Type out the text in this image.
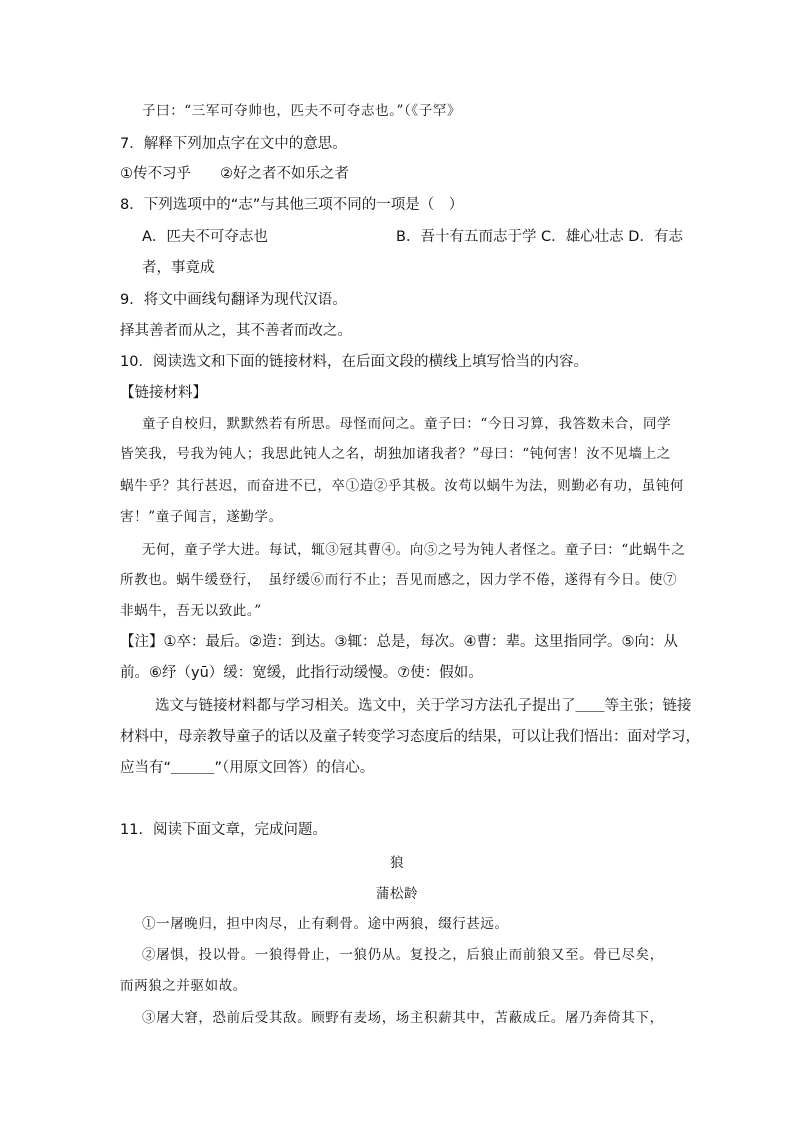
子曰：“三军可夺帅也，匹夫不可夺志也。”（《子罕》
7．解释下列加点字在文中的意思。
①传不习乎　　②好之者不如乐之者
8．下列选项中的“志”与其他三项不同的一项是（　）
A．匹夫不可夺志也	B．吾十有五而志于学 C．雄心壮志 D．有志
者，事竟成
9．将文中画线句翻译为现代汉语。
择其善者而从之，其不善者而改之。
10．阅读选文和下面的链接材料，在后面文段的横线上填写恰当的内容。
【链接材料】
童子自校归，默默然若有所思。母怪而问之。童子曰：“今日习算，我答数未合，同学
皆笑我，号我为钝人；我思此钝人之名，胡独加诸我者？”母曰：“钝何害！汝不见墙上之
蜗牛乎？其行甚迟，而奋进不已，卒①造②乎其极。汝苟以蜗牛为法，则勤必有功，虽钝何
害！”童子闻言，遂勤学。
无何，童子学大进。每试，辄③冠其曹④。向⑤之号为钝人者怪之。童子曰：“此蜗牛之
所教也。蜗牛缓登行，　虽纾缓⑥而行不止；吾见而感之，因力学不倦，遂得有今日。使⑦
非蜗牛，吾无以致此。”
【注】①卒：最后。②造：到达。③辄：总是，每次。④曹：辈。这里指同学。⑤向：从
前。⑥纾（yū）缓：宽缓，此指行动缓慢。⑦使：假如。
选文与链接材料都与学习相关。选文中，关于学习方法孔子提出了＿＿等主张；链接
材料中，母亲教导童子的话以及童子转变学习态度后的结果，可以让我们悟出：面对学习，
应当有“＿＿＿”（用原文回答）的信心。
11．阅读下面文章，完成问题。
狼
蒲松龄
①一屠晚归，担中肉尽，止有剩骨。途中两狼，缀行甚远。
②屠惧，投以骨。一狼得骨止，一狼仍从。复投之，后狼止而前狼又至。骨已尽矣，
而两狼之并驱如故。
③屠大窘，恐前后受其敌。顾野有麦场，场主积薪其中，苫蔽成丘。屠乃奔倚其下，
